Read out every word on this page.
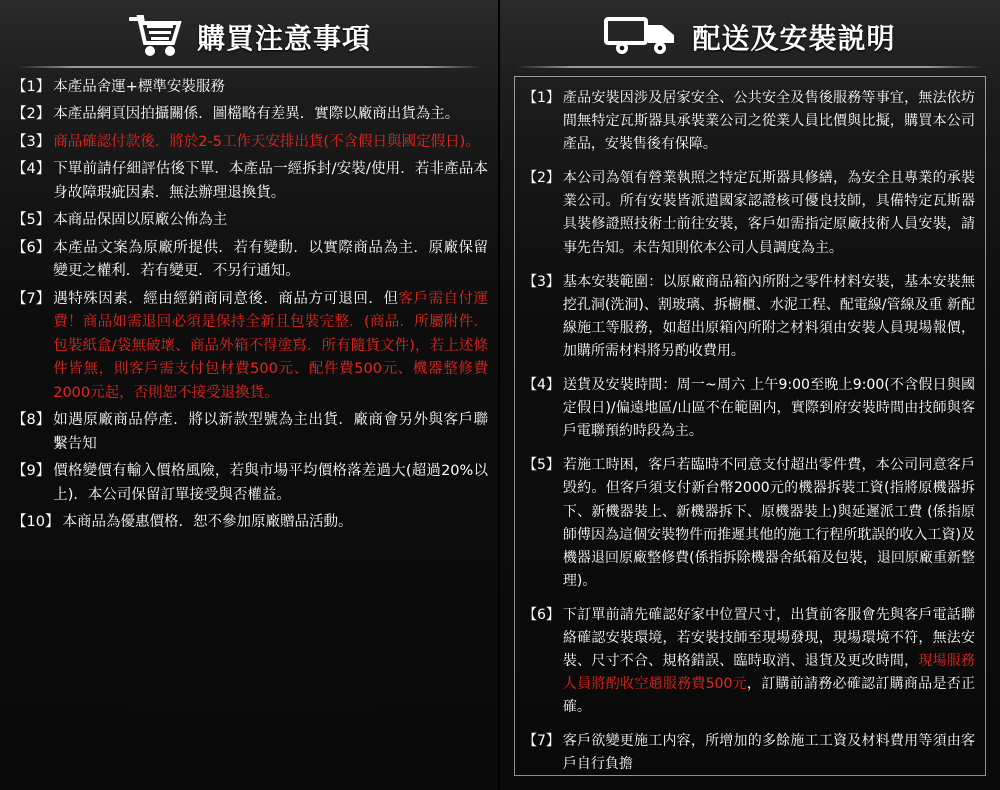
購買注意事項
【1】 本產品舍運+標準安裝服務
【2】 本產品網頁因拍攝關係．圖檔略有差異．實際以廠商出貨為主。
【3】 商品確認付款後．將於2-5工作天安排出貨(不含假日與國定假日)。
【4】 下單前請仔細評估後下單．本產品一經拆封/安裝/使用．若非產品本身故障瑕疵因素．無法辦理退換貨。
【5】 本商品保固以原廠公佈為主
【6】 本產品文案為原廠所提供．若有變動．以實際商品為主．原廠保留變更之權利．若有變更．不另行通知。
【7】 遇特殊因素．經由經銷商同意後．商品方可退回．但客戶需自付運費！商品如需退回必須是保持全新且包裝完整．(商品．所屬附件．包裝紙盒/袋無破壞、商品外箱不得塗寫．所有隨貨文件)，若上述條件皆無，則客戶需支付包材費500元、配件費500元、機器整修費2000元起，否則恕不接受退換貨。
【8】 如遇原廠商品停產．將以新款型號為主出貨．廠商會另外與客戶聯繫告知
【9】 價格變價有輸入價格風險，若與市場平均價格落差過大(超過20%以上)．本公司保留訂單接受與否權益。
【10】 本商品為優惠價格．恕不參加原廠贈品活動。
配送及安裝説明
【1】 產品安裝因涉及居家安全、公共安全及售後服務等事宜，無法依坊間無特定瓦斯器具承裝業公司之從業人員比價與比擬，購買本公司產品，安裝售後有保障。
【2】 本公司為領有營業執照之特定瓦斯器具修繕，為安全且專業的承裝業公司。所有安裝皆派遣國家認證核可優良技師，具備特定瓦斯器具裝修證照技術士前往安裝，客戶如需指定原廠技術人員安裝，請事先告知。未告知則依本公司人員調度為主。
【3】 基本安裝範圍：以原廠商品箱內所附之零件材料安裝，基本安裝無挖孔洞(洗洞)、割玻璃、拆櫥櫃、水泥工程、配電線/管線及重 新配線施工等服務，如超出原箱內所附之材料須由安裝人員現場報價，加購所需材料將另酌收費用。
【4】 送貨及安裝時間：周一~周六 上午9:00至晚上9:00(不含假日與國定假日)/偏遠地區/山區不在範圍内，實際到府安裝時間由技師與客戶電聯預約時段為主。
【5】 若施工時困，客戶若臨時不同意支付超出零件費，本公司同意客戶毁約。但客戶須支付新台幣2000元的機器拆裝工資(指將原機器拆下、新機器裝上、新機器拆下、原機器裝上)與延遲派工費 (係指原師傅因為這個安裝物件而推遲其他的施工行程所耽誤的收入工資)及機器退回原廠整修費(係指拆除機器舍紙箱及包裝，退回原廠重新整理)。
【6】 下訂單前請先確認好家中位置尺寸，出貨前客服會先與客戶電話聯絡確認安裝環境，若安裝技師至現場發現，現場環境不符，無法安裝、尺寸不合、規格錯誤、臨時取消、退貨及更改時間，現場服務人員將酌收空趟服務費500元，訂購前請務必確認訂購商品是否正確。
【7】 客戶欲變更施工内容，所增加的多餘施工工資及材料費用等須由客戶自行負擔
